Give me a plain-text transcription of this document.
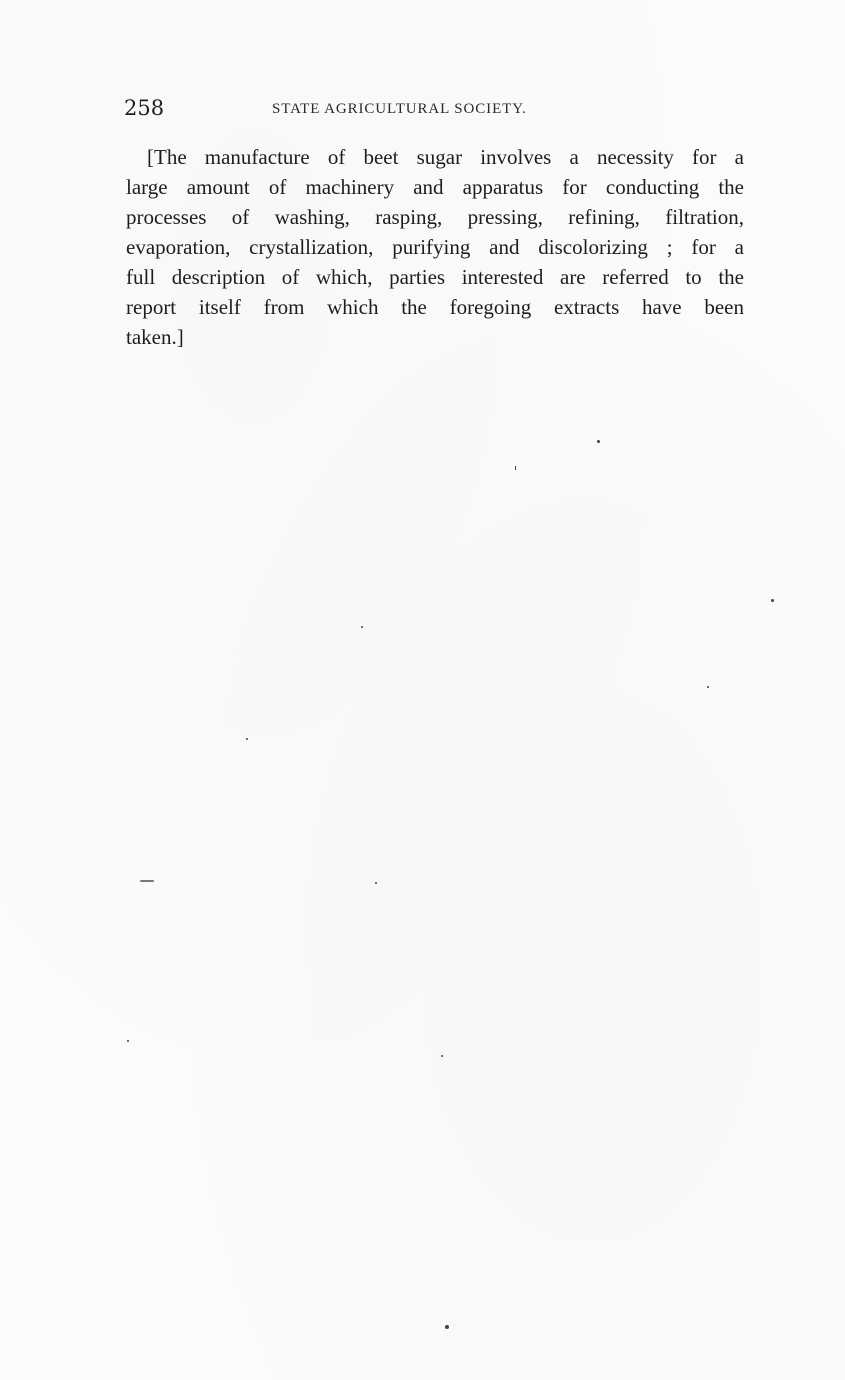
258	STATE AGRICULTURAL SOCIETY.
[The manufacture of beet sugar involves a necessity for a
large amount of machinery and apparatus for conducting the
processes of washing, rasping, pressing, refining, filtration,
evaporation, crystallization, purifying and discolorizing ; for a
full description of which, parties interested are referred to the
report itself from which the foregoing extracts have been
taken.]
